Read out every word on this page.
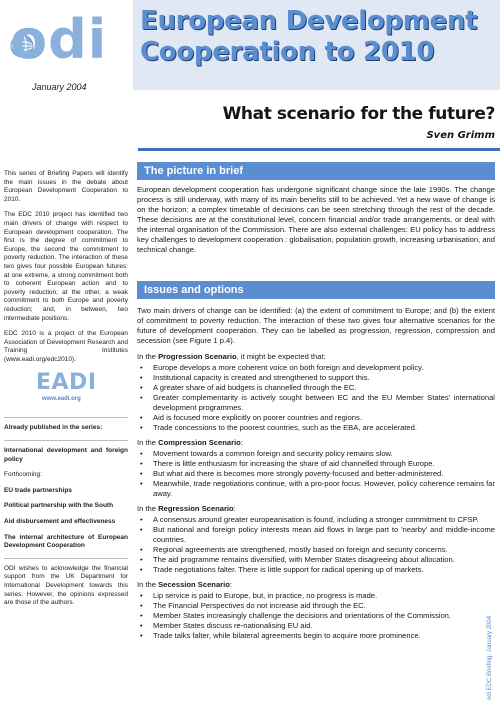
odi
January 2004
European Development
Cooperation to 2010
What scenario for the future?
Sven Grimm

This series of Briefing Papers will identify the main issues in the debate about European Development Cooperation to 2010.

The EDC 2010 project has identified two main drivers of change with respect to European development cooperation. The first is the degree of commitment to Europe, the second the commitment to poverty reduction. The interaction of these two gives four possible European futures: at one extreme, a strong commitment both to coherent European action and to poverty reduction; at the other, a weak commitment to both Europe and poverty reduction; and, in between, two intermediate positions.

EDC 2010 is a project of the European Association of Development Research and Training Institutes (www.eadi.org/edc2010).

EADI
www.eadi.org

Already published in the series:

International development and foreign policy

Forthcoming:

EU trade partnerships

Political partnership with the South

Aid disbursement and effectiveness

The internal architecture of European Development Cooperation

ODI wishes to acknowledge the financial support from the UK Department for International Development towards this series. However, the opinions expressed are those of the authors.

The picture in brief

European development cooperation has undergone significant change since the late 1990s. The change process is still underway, with many of its main benefits still to be achieved. Yet a new wave of change is on the horizon: a complex timetable of decisions can be seen stretching through the rest of the decade. These decisions are at the constitutional level, concern financial and/or trade arrangements, or deal with the internal organisation of the Commission. There are also external challenges: EU policy has to address key challenges to development cooperation : globalisation, population growth, increasing urbanisation, and technical change.

Issues and options

Two main drivers of change can be identified: (a) the extent of commitment to Europe; and (b) the extent of commitment to poverty reduction. The interaction of these two gives four alternative scenarios for the future of development cooperation. They can be labelled as progression, regression, compression and secession (see Figure 1 p.4).

In the Progression Scenario, it might be expected that:

• Europe develops a more coherent voice on both foreign and development policy.
• Institutional capacity is created and strengthened to support this.
• A greater share of aid budgets is channelled through the EC.
• Greater complementarity is actively sought between EC and the EU Member States' international development programmes.
• Aid is focused more explicitly on poorer countries and regions.
• Trade concessions to the poorest countries, such as the EBA, are accelerated.

In the Compression Scenario:

• Movement towards a common foreign and security policy remains slow.
• There is little enthusiasm for increasing the share of aid channelled through Europe.
• But what aid there is becomes more strongly poverty-focused and better-administered.
• Meanwhile, trade negotiations continue, with a pro-poor focus. However, policy coherence remains far away.

In the Regression Scenario:

• A consensus around greater europeanisation is found, including a stronger commitment to CFSP.
• But national and foreign policy interests mean aid flows in large part to 'nearby' and middle-income countries.
• Regional agreements are strengthened, mostly based on foreign and security concerns.
• The aid programme remains diversified, with Member States disagreeing about allocation.
• Trade negotiations falter. There is little support for radical opening up of markets.

In the Secession Scenario:

• Lip service is paid to Europe, but, in practice, no progress is made.
• The Financial Perspectives do not increase aid through the EC.
• Member States increasingly challenge the decisions and orientations of the Commission.
• Member States discuss re-nationalising EU aid.
• Trade talks falter, while bilateral agreements begin to acquire more prominence.	odi EDC Briefing: January 2004
